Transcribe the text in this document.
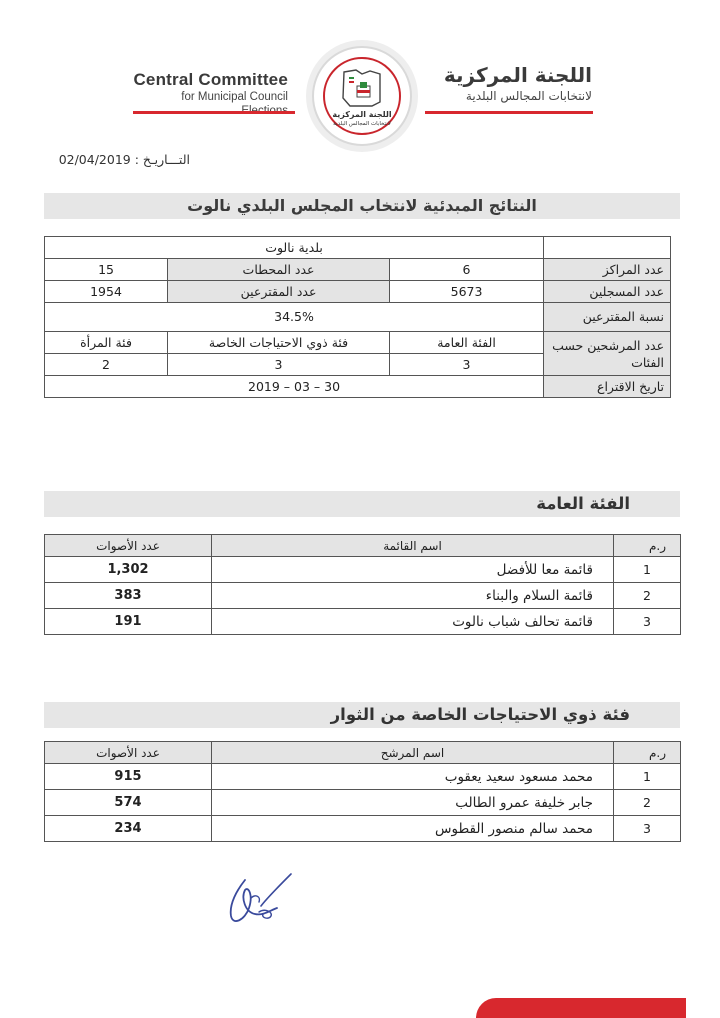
Central Committee
for Municipal Council
اللجنة المركزية
لانتخابات المجالس البلدية
اللجنة المركزية
لانتخابات المجالس البلدية
التـــاريـخ : 02/04/2019
النتائج المبدئية لانتخاب المجلس البلدي نالوت
	بلدية نالوت		
عدد المراكز	6	عدد المحطات	15
عدد المسجلين	5673	عدد المقترعين	1954
نسبة المقترعين	34.5%		
عدد المرشحين حسب الفئات	الفئة العامة	فئة ذوي الاحتياجات الخاصة	فئة المرأة
	3	3	2
تاريخ الاقتراع	30 – 03 – 2019		
الفئة العامة
ر.م	اسم القائمة	عدد الأصوات
1	قائمة معا للأفضل	1,302
2	قائمة السلام والبناء	383
3	قائمة تحالف شباب نالوت	191
فئة ذوي الاحتياجات الخاصة من الثوار
ر.م	اسم المرشح	عدد الأصوات
1	محمد مسعود سعيد يعقوب	915
2	جابر خليفة عمرو الطالب	574
3	محمد سالم منصور القطوس	234
